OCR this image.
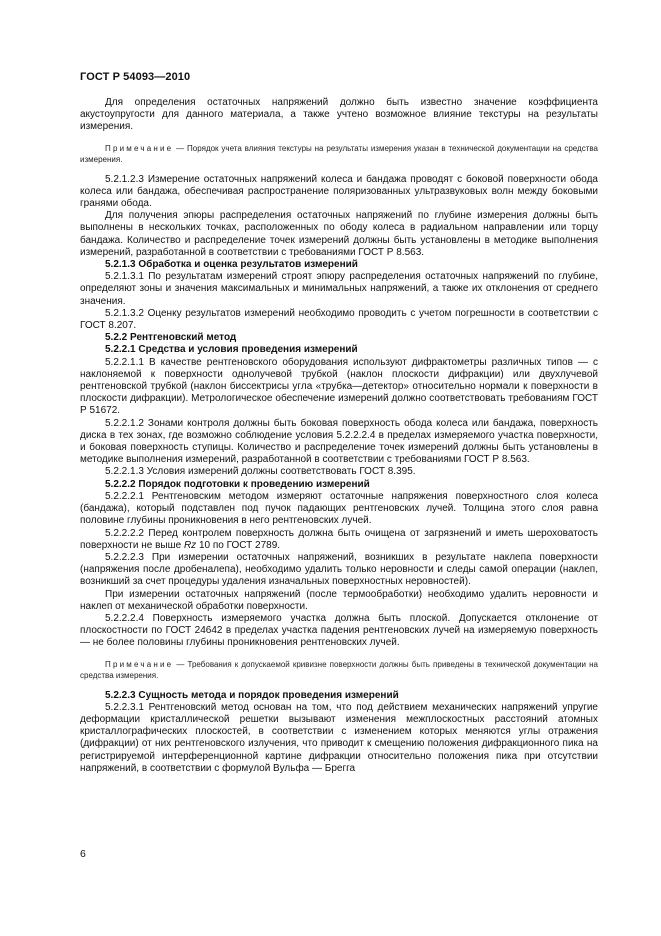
ГОСТ Р 54093—2010

Для определения остаточных напряжений должно быть известно значение коэффициента акустоупругости для данного материала, а также учтено возможное влияние текстуры на результаты измерения.

Примечание — Порядок учета влияния текстуры на результаты измерения указан в технической документации на средства измерения.

5.2.1.2.3 Измерение остаточных напряжений колеса и бандажа проводят с боковой поверхности обода колеса или бандажа, обеспечивая распространение поляризованных ультразвуковых волн между боковыми гранями обода.

Для получения эпюры распределения остаточных напряжений по глубине измерения должны быть выполнены в нескольких точках, расположенных по ободу колеса в радиальном направлении или торцу бандажа. Количество и распределение точек измерений должны быть установлены в методике выполнения измерений, разработанной в соответствии с требованиями ГОСТ Р 8.563.

5.2.1.3 Обработка и оценка результатов измерений

5.2.1.3.1 По результатам измерений строят эпюру распределения остаточных напряжений по глубине, определяют зоны и значения максимальных и минимальных напряжений, а также их отклонения от среднего значения.

5.2.1.3.2 Оценку результатов измерений необходимо проводить с учетом погрешности в соответствии с ГОСТ 8.207.

5.2.2 Рентгеновский метод

5.2.2.1 Средства и условия проведения измерений

5.2.2.1.1 В качестве рентгеновского оборудования используют дифрактометры различных типов — с наклоняемой к поверхности однолучевой трубкой (наклон плоскости дифракции) или двухлучевой рентгеновской трубкой (наклон биссектрисы угла «трубка—детектор» относительно нормали к поверхности в плоскости дифракции). Метрологическое обеспечение измерений должно соответствовать требованиям ГОСТ Р 51672.

5.2.2.1.2 Зонами контроля должны быть боковая поверхность обода колеса или бандажа, поверхность диска в тех зонах, где возможно соблюдение условия 5.2.2.2.4 в пределах измеряемого участка поверхности, и боковая поверхность ступицы. Количество и распределение точек измерений должны быть установлены в методике выполнения измерений, разработанной в соответствии с требованиями ГОСТ Р 8.563.

5.2.2.1.3 Условия измерений должны соответствовать ГОСТ 8.395.

5.2.2.2 Порядок подготовки к проведению измерений

5.2.2.2.1 Рентгеновским методом измеряют остаточные напряжения поверхностного слоя колеса (бандажа), который подставлен под пучок падающих рентгеновских лучей. Толщина этого слоя равна половине глубины проникновения в него рентгеновских лучей.

5.2.2.2.2 Перед контролем поверхность должна быть очищена от загрязнений и иметь шероховатость поверхности не выше Rz 10 по ГОСТ 2789.

5.2.2.2.3 При измерении остаточных напряжений, возникших в результате наклепа поверхности (напряжения после дробеналепа), необходимо удалить только неровности и следы самой операции (наклеп, возникший за счет процедуры удаления изначальных поверхностных неровностей).

При измерении остаточных напряжений (после термообработки) необходимо удалить неровности и наклеп от механической обработки поверхности.

5.2.2.2.4 Поверхность измеряемого участка должна быть плоской. Допускается отклонение от плоскостности по ГОСТ 24642 в пределах участка падения рентгеновских лучей на измеряемую поверхность — не более половины глубины проникновения рентгеновских лучей.

Примечание — Требования к допускаемой кривизне поверхности должны быть приведены в технической документации на средства измерения.

5.2.2.3 Сущность метода и порядок проведения измерений

5.2.2.3.1 Рентгеновский метод основан на том, что под действием механических напряжений упругие деформации кристаллической решетки вызывают изменения межплоскостных расстояний атомных кристаллографических плоскостей, в соответствии с изменением которых меняются углы отражения (дифракции) от них рентгеновского излучения, что приводит к смещению положения дифракционного пика на регистрируемой интерференционной картине дифракции относительно положения пика при отсутствии напряжений, в соответствии с формулой Вульфа — Брегга

6
